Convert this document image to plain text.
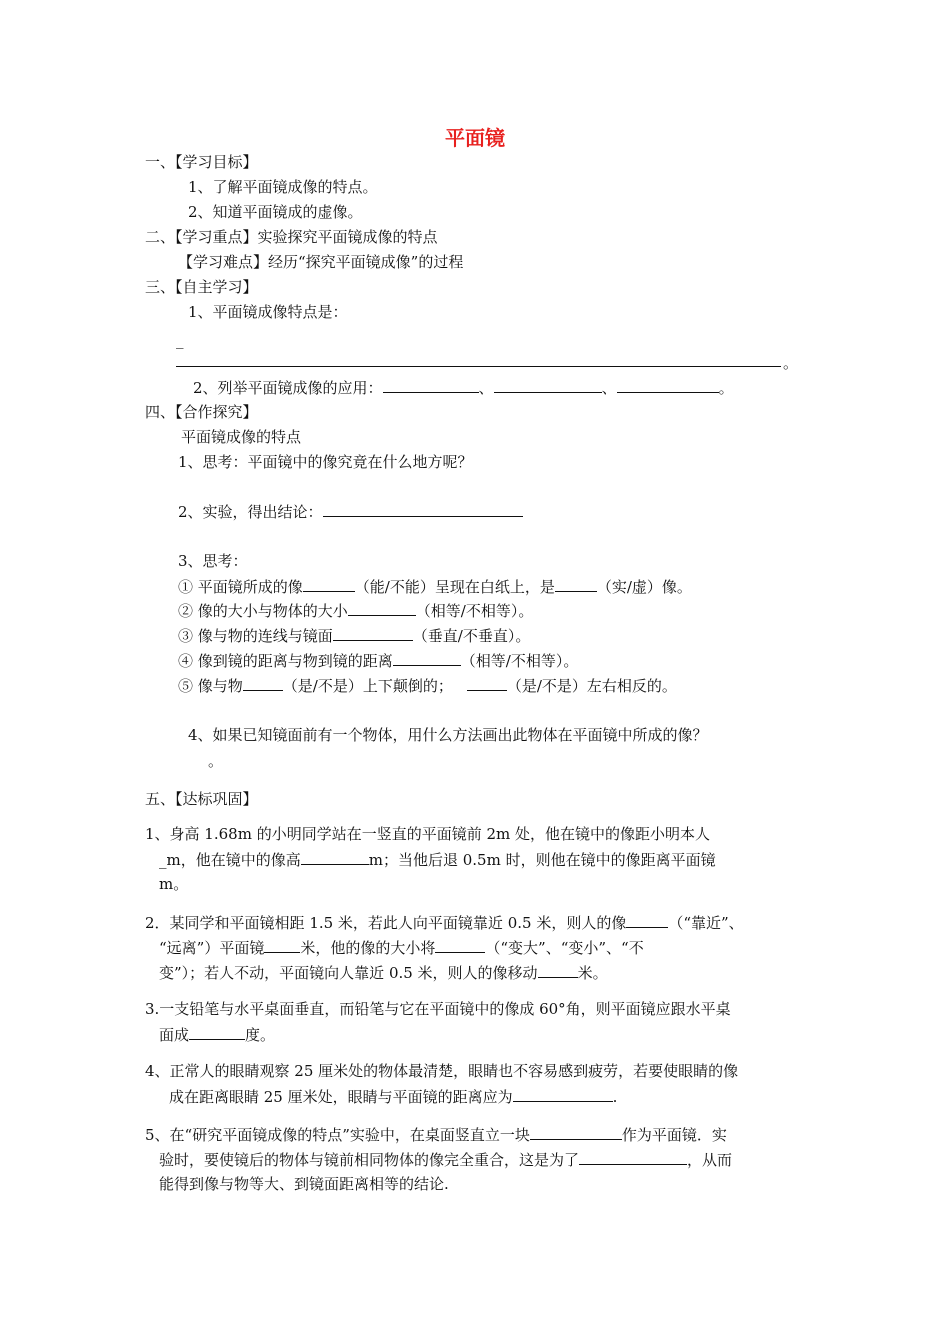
平面镜
一、【学习目标】
1、了解平面镜成像的特点。
2、知道平面镜成的虚像。
二、【学习重点】实验探究平面镜成像的特点
【学习难点】经历“探究平面镜成像”的过程
三、【自主学习】
1、平面镜成像特点是：
_
。
2、列举平面镜成像的应用：	、	、	。
四、【合作探究】
平面镜成像的特点
1、思考：平面镜中的像究竟在什么地方呢？
2、实验，得出结论：
3、思考：
① 平面镜所成的像	（能/不能）呈现在白纸上，是	（实/虚）像。
② 像的大小与物体的大小	（相等/不相等）。
③ 像与物的连线与镜面	（垂直/不垂直）。
④ 像到镜的距离与物到镜的距离	（相等/不相等）。
⑤ 像与物	（是/不是）上下颠倒的；	（是/不是）左右相反的。
4、如果已知镜面前有一个物体，用什么方法画出此物体在平面镜中所成的像？
。
五、【达标巩固】
1、身高 1.68m 的小明同学站在一竖直的平面镜前 2m 处，他在镜中的像距小明本人
_m，他在镜中的像高	m；当他后退 0.5m 时，则他在镜中的像距离平面镜
m。
2．某同学和平面镜相距 1.5 米，若此人向平面镜靠近 0.5 米，则人的像	（“靠近”、
“远离”）平面镜 米，他的像的大小将	（“变大”、“变小”、“不
变”）；若人不动，平面镜向人靠近 0.5 米，则人的像移动	米。
3.一支铅笔与水平桌面垂直，而铅笔与它在平面镜中的像成 60°角，则平面镜应跟水平桌
面成	度。
4、正常人的眼睛观察 25 厘米处的物体最清楚，眼睛也不容易感到疲劳，若要使眼睛的像
成在距离眼睛 25 厘米处，眼睛与平面镜的距离应为	.
5、在“研究平面镜成像的特点”实验中，在桌面竖直立一块	作为平面镜．实
验时，要使镜后的物体与镜前相同物体的像完全重合，这是为了	，从而
能得到像与物等大、到镜面距离相等的结论.
